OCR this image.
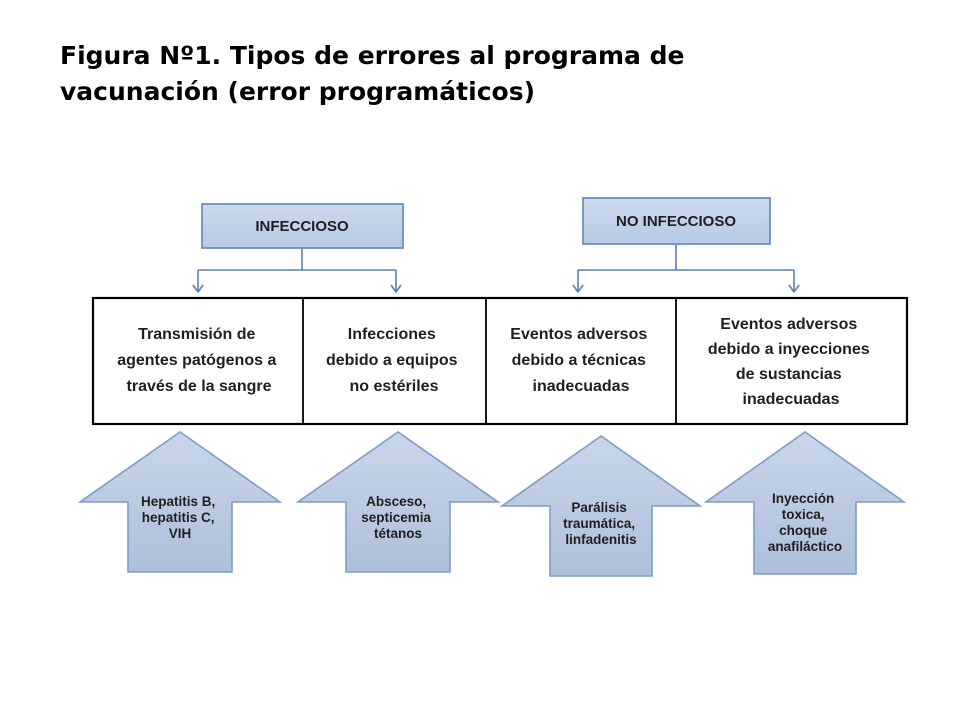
Figura Nº1. Tipos de errores al programa de
vacunación (error programáticos)
INFECCIOSO	NO INFECCIOSO
Transmisión de agentes patógenos a través de la sangre
Infecciones debido a equipos no estériles
Eventos adversos debido a técnicas inadecuadas
Eventos adversos debido a inyecciones de sustancias inadecuadas
Hepatitis B, hepatitis C, VIH
Absceso, septicemia tétanos
Parálisis traumática, linfadenitis
Inyección toxica, choque anafiláctico
